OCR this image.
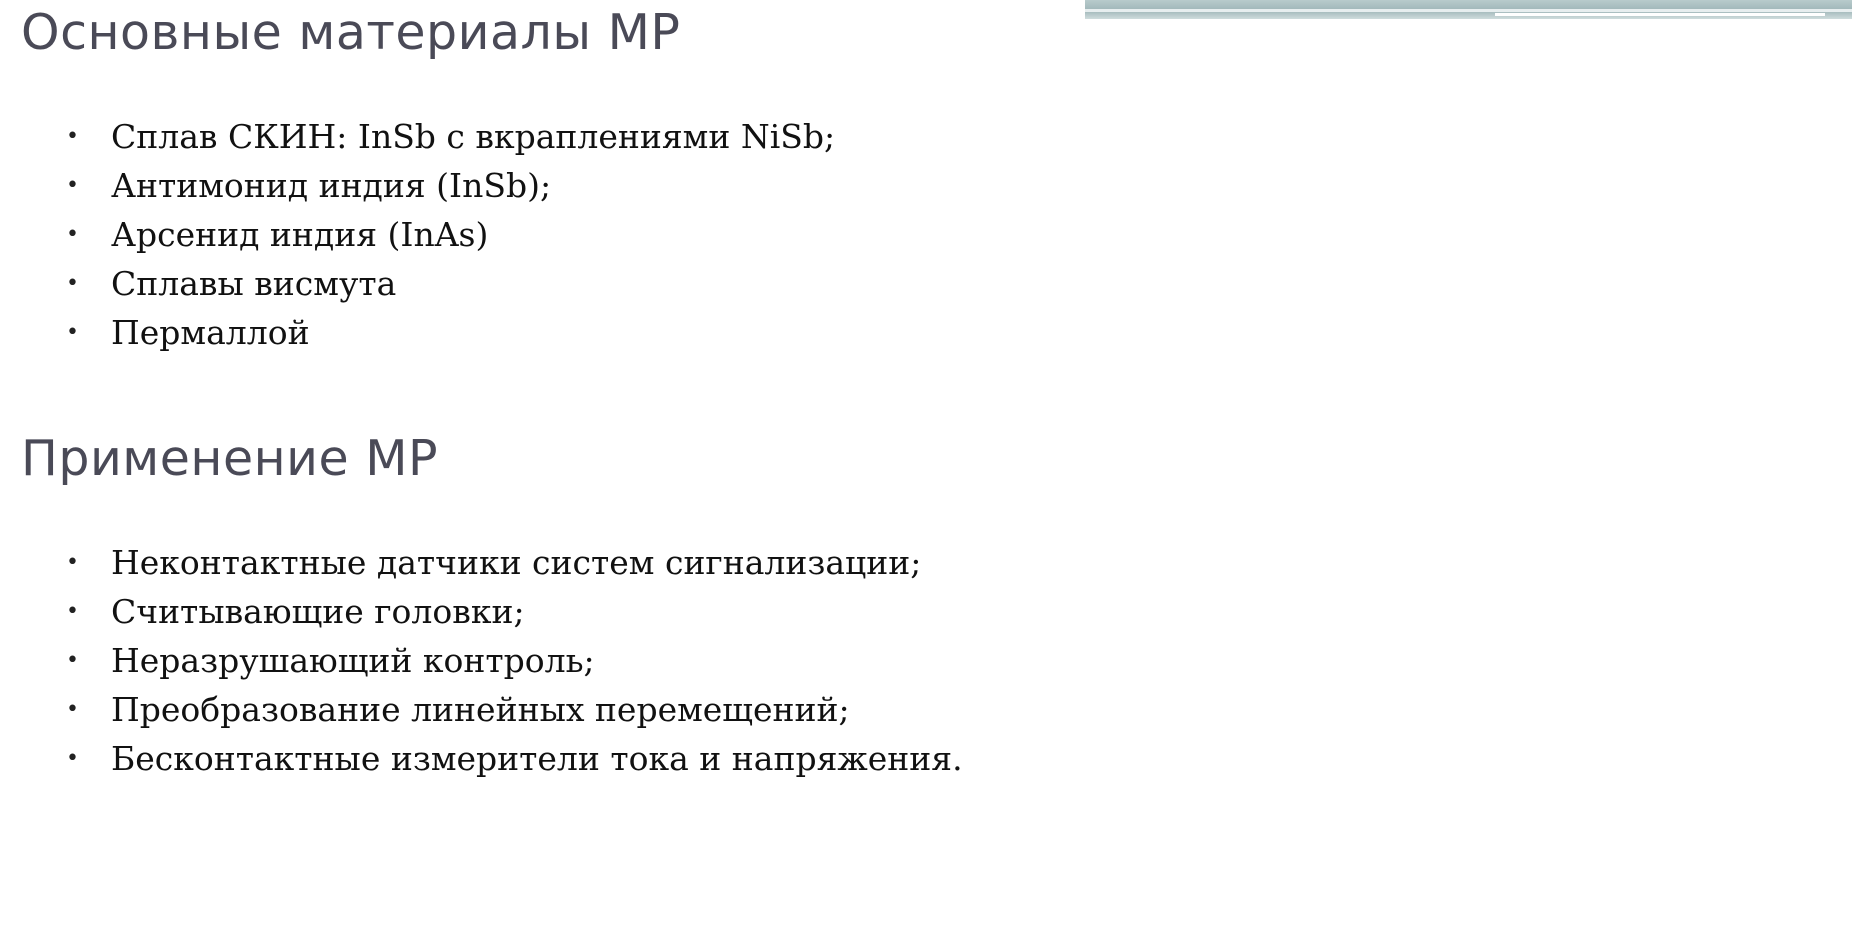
Основные материалы МР
• Сплав СКИН: InSb с вкраплениями NiSb;
• Антимонид индия (InSb);
• Арсенид индия (InAs)
• Сплавы висмута
• Пермаллой
Применение МР
• Неконтактные датчики систем сигнализации;
• Считывающие головки;
• Неразрушающий контроль;
• Преобразование линейных перемещений;
• Бесконтактные измерители тока и напряжения.
